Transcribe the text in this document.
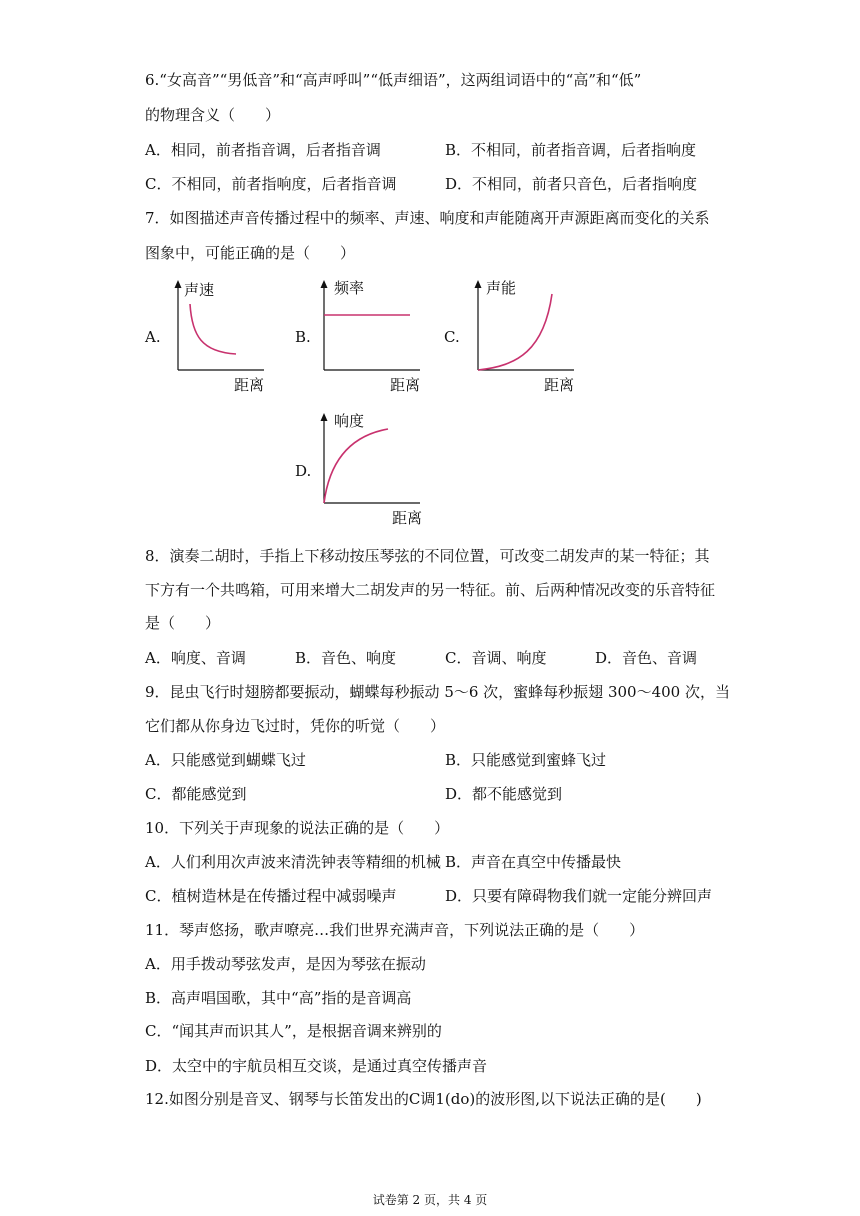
6.“女高音”“男低音”和“高声呼叫”“低声细语”，这两组词语中的“高”和“低”
的物理含义（　　）
A．相同，前者指音调，后者指音调	B．不相同，前者指音调，后者指响度
C．不相同，前者指响度，后者指音调	D．不相同，前者只音色，后者指响度
7．如图描述声音传播过程中的频率、声速、响度和声能随离开声源距离而变化的关系
图象中，可能正确的是（　　）
A.
声速
距离
B.
频率
距离
C.
声能
距离
D.
响度
距离
8．演奏二胡时，手指上下移动按压琴弦的不同位置，可改变二胡发声的某一特征；其
下方有一个共鸣箱，可用来增大二胡发声的另一特征。前、后两种情况改变的乐音特征
是（　　）
A．响度、音调	B．音色、响度	C．音调、响度	D．音色、音调
9．昆虫飞行时翅膀都要振动，蝴蝶每秒振动 5～6 次，蜜蜂每秒振翅 300～400 次，当
它们都从你身边飞过时，凭你的听觉（　　）
A．只能感觉到蝴蝶飞过	B．只能感觉到蜜蜂飞过
C．都能感觉到	D．都不能感觉到
10．下列关于声现象的说法正确的是（　　）
A．人们利用次声波来清洗钟表等精细的机械 B．声音在真空中传播最快
C．植树造林是在传播过程中减弱噪声	D．只要有障碍物我们就一定能分辨回声
11．琴声悠扬，歌声嘹亮…我们世界充满声音，下列说法正确的是（　　）
A．用手拨动琴弦发声，是因为琴弦在振动
B．高声唱国歌，其中“高”指的是音调高
C．“闻其声而识其人”，是根据音调来辨别的
D．太空中的宇航员相互交谈，是通过真空传播声音
12.如图分别是音叉、钢琴与长笛发出的C调1(do)的波形图,以下说法正确的是(　　)
试卷第 2 页，共 4 页
